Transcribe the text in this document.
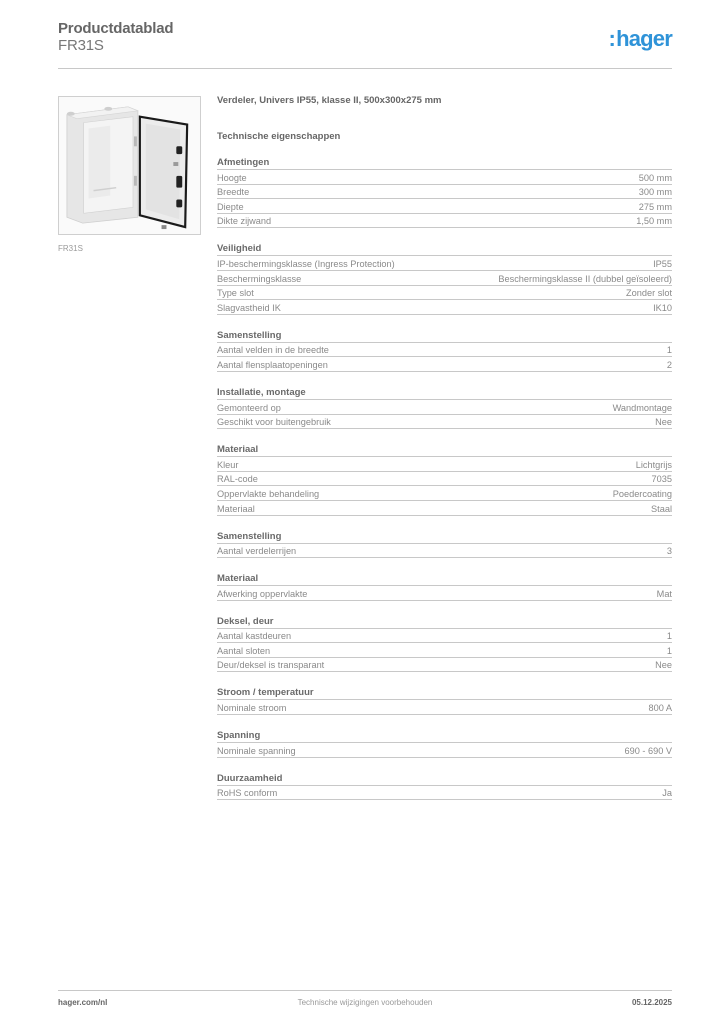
Productdatablad
FR31S	:hager
FR31S
Verdeler, Univers IP55, klasse II, 500x300x275 mm
Technische eigenschappen
Afmetingen
Hoogte	500 mm
Breedte	300 mm
Diepte	275 mm
Dikte zijwand	1,50 mm
Veiligheid
IP-beschermingsklasse (Ingress Protection)	IP55
Beschermingsklasse	Beschermingsklasse II (dubbel geïsoleerd)
Type slot	Zonder slot
Slagvastheid IK	IK10
Samenstelling
Aantal velden in de breedte	1
Aantal flensplaatopeningen	2
Installatie, montage
Gemonteerd op	Wandmontage
Geschikt voor buitengebruik	Nee
Materiaal
Kleur	Lichtgrijs
RAL-code	7035
Oppervlakte behandeling	Poedercoating
Materiaal	Staal
Samenstelling
Aantal verdelerrijen	3
Materiaal
Afwerking oppervlakte	Mat
Deksel, deur
Aantal kastdeuren	1
Aantal sloten	1
Deur/deksel is transparant	Nee
Stroom / temperatuur
Nominale stroom	800 A
Spanning
Nominale spanning	690 - 690 V
Duurzaamheid
RoHS conform	Ja
hager.com/nl	Technische wijzigingen voorbehouden	05.12.2025
